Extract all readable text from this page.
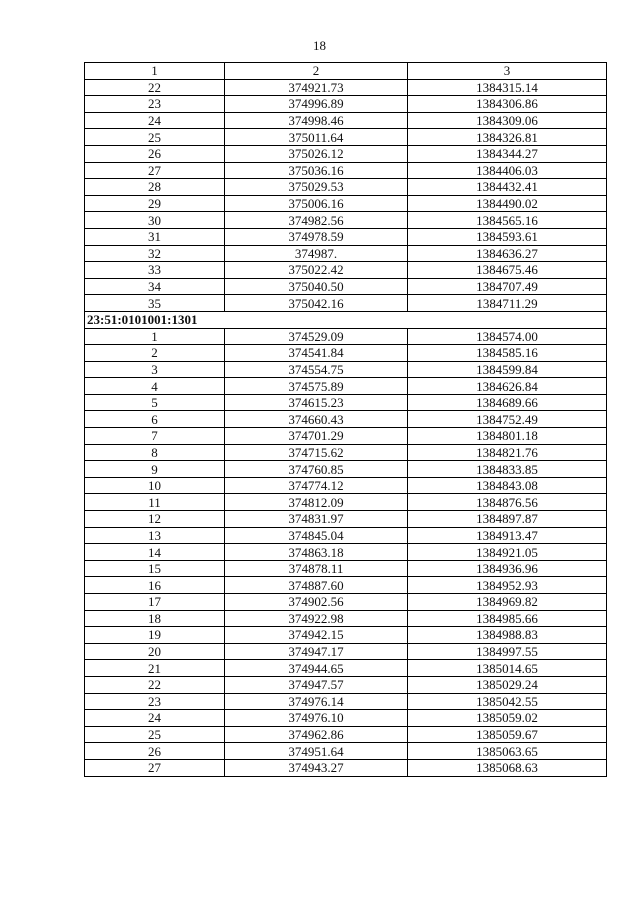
18
1	2	3
22	374921.73	1384315.14
23	374996.89	1384306.86
24	374998.46	1384309.06
25	375011.64	1384326.81
26	375026.12	1384344.27
27	375036.16	1384406.03
28	375029.53	1384432.41
29	375006.16	1384490.02
30	374982.56	1384565.16
31	374978.59	1384593.61
32	374987.	1384636.27
33	375022.42	1384675.46
34	375040.50	1384707.49
35	375042.16	1384711.29
23:51:0101001:1301		
1	374529.09	1384574.00
2	374541.84	1384585.16
3	374554.75	1384599.84
4	374575.89	1384626.84
5	374615.23	1384689.66
6	374660.43	1384752.49
7	374701.29	1384801.18
8	374715.62	1384821.76
9	374760.85	1384833.85
10	374774.12	1384843.08
11	374812.09	1384876.56
12	374831.97	1384897.87
13	374845.04	1384913.47
14	374863.18	1384921.05
15	374878.11	1384936.96
16	374887.60	1384952.93
17	374902.56	1384969.82
18	374922.98	1384985.66
19	374942.15	1384988.83
20	374947.17	1384997.55
21	374944.65	1385014.65
22	374947.57	1385029.24
23	374976.14	1385042.55
24	374976.10	1385059.02
25	374962.86	1385059.67
26	374951.64	1385063.65
27	374943.27	1385068.63
